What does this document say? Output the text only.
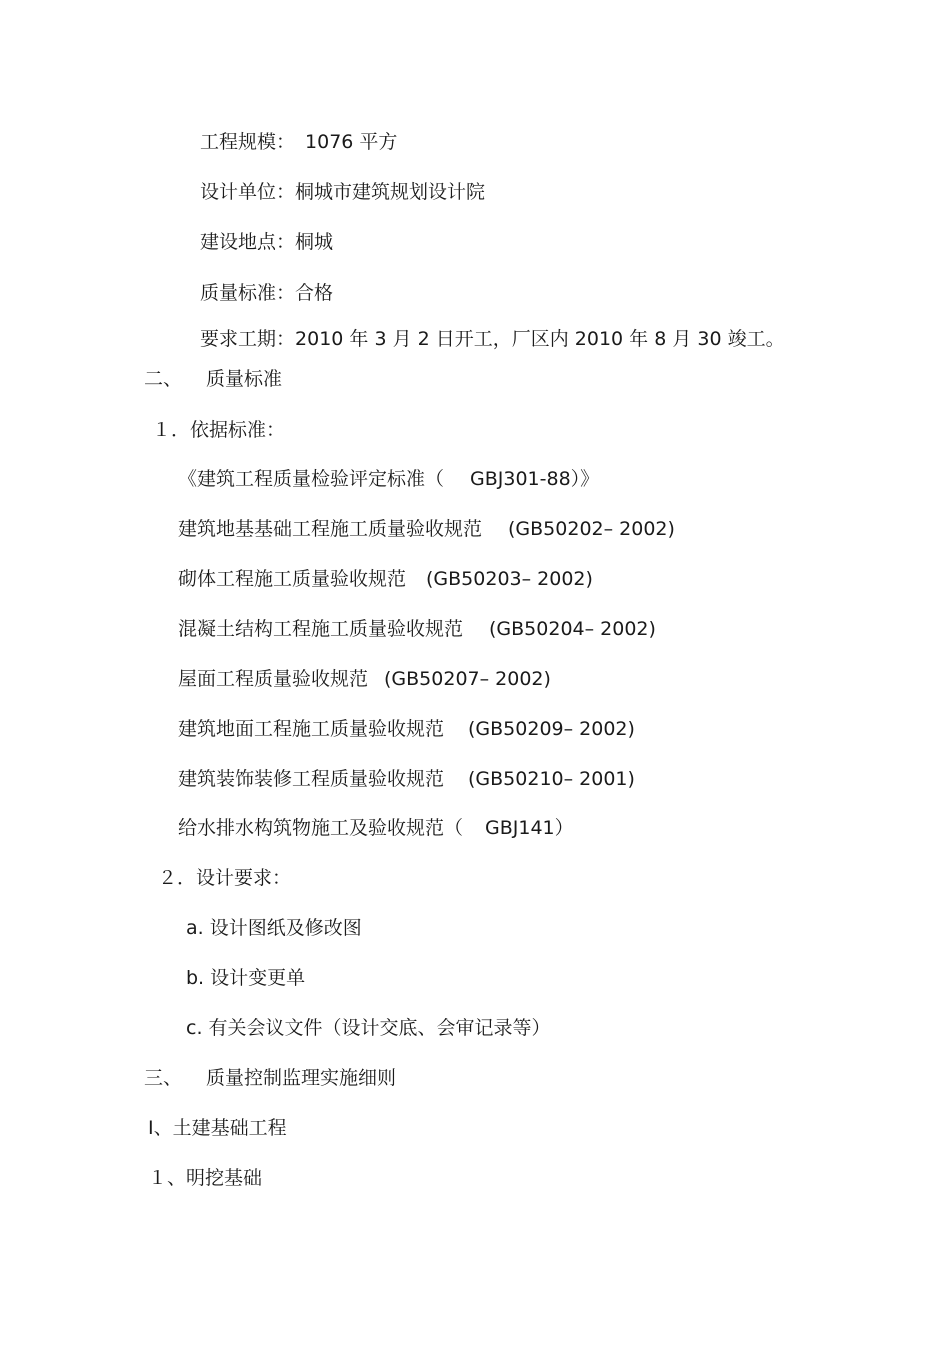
工程规模： 1076 平方
设计单位：桐城市建筑规划设计院
建设地点：桐城
质量标准：合格
要求工期：2010 年 3 月 2 日开工，厂区内 2010 年 8 月 30 竣工。
二、 质量标准
１．依据标准：
《建筑工程质量检验评定标准（ GBJ301-88）》
建筑地基基础工程施工质量验收规范 (GB50202– 2002)
砌体工程施工质量验收规范 (GB50203– 2002)
混凝土结构工程施工质量验收规范 (GB50204– 2002)
屋面工程质量验收规范 (GB50207– 2002)
建筑地面工程施工质量验收规范 (GB50209– 2002)
建筑装饰装修工程质量验收规范 (GB50210– 2001)
给水排水构筑物施工及验收规范（ GBJ141）
２．设计要求：
a. 设计图纸及修改图
b. 设计变更单
c. 有关会议文件（设计交底、会审记录等）
三、 质量控制监理实施细则
Ⅰ、土建基础工程
１、明挖基础
